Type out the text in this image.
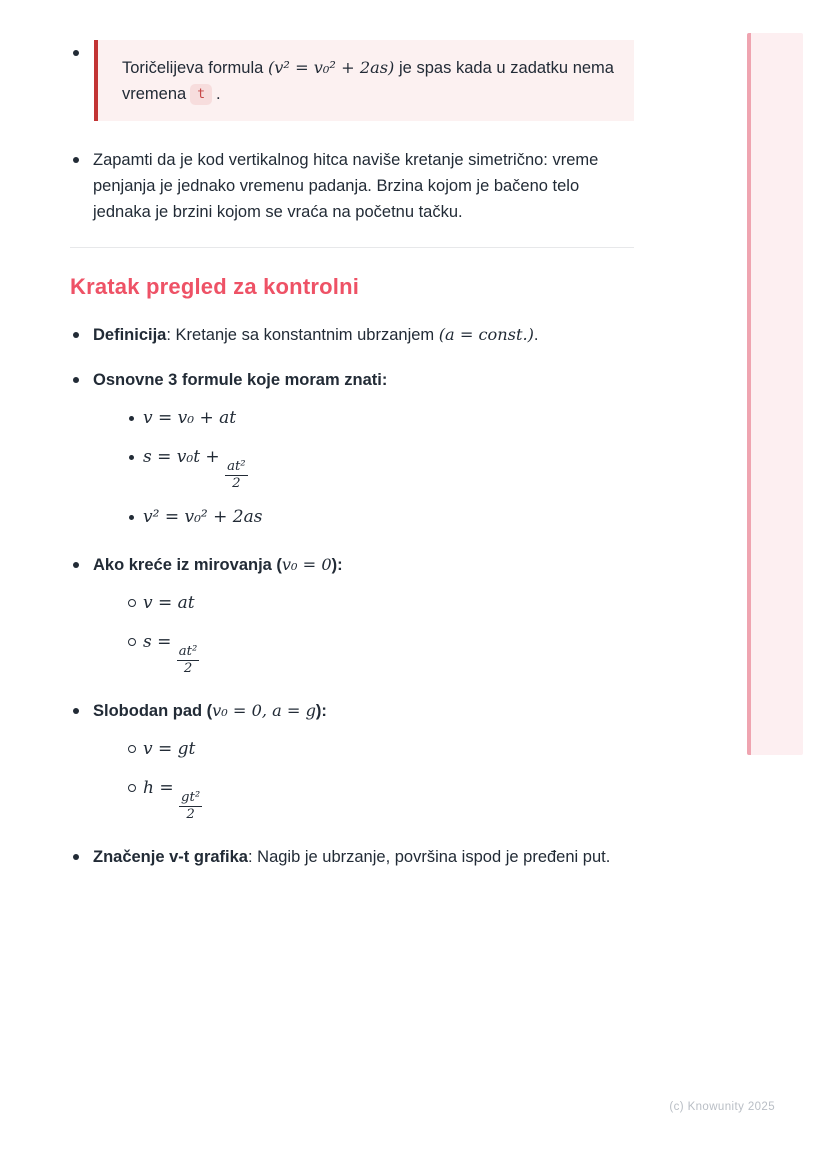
Toričelijeva formula (v² = v₀² + 2as) je spas kada u zadatku nema vremena t .

Zapamti da je kod vertikalnog hitca naviše kretanje simetrično: vreme penjanja je jednako vremenu padanja. Brzina kojom je bačeno telo jednaka je brzini kojom se vraća na početnu tačku.

Kratak pregled za kontrolni

Definicija: Kretanje sa konstantnim ubrzanjem (a = const.).

Osnovne 3 formule koje moram znati:

v = v₀ + at
s = v₀t +
$\frac{\text{at²}}{2}$
v² = v₀² + 2as

Ako kreće iz mirovanja (v₀ = 0):

v = at
s =
$\frac{\text{at²}}{2}$

Slobodan pad (v₀ = 0, a = g):

v = gt
h =
$\frac{\text{gt²}}{2}$

Značenje v-t grafika: Nagib je ubrzanje, površina ispod je pređeni put.

(c) Knowunity 2025
